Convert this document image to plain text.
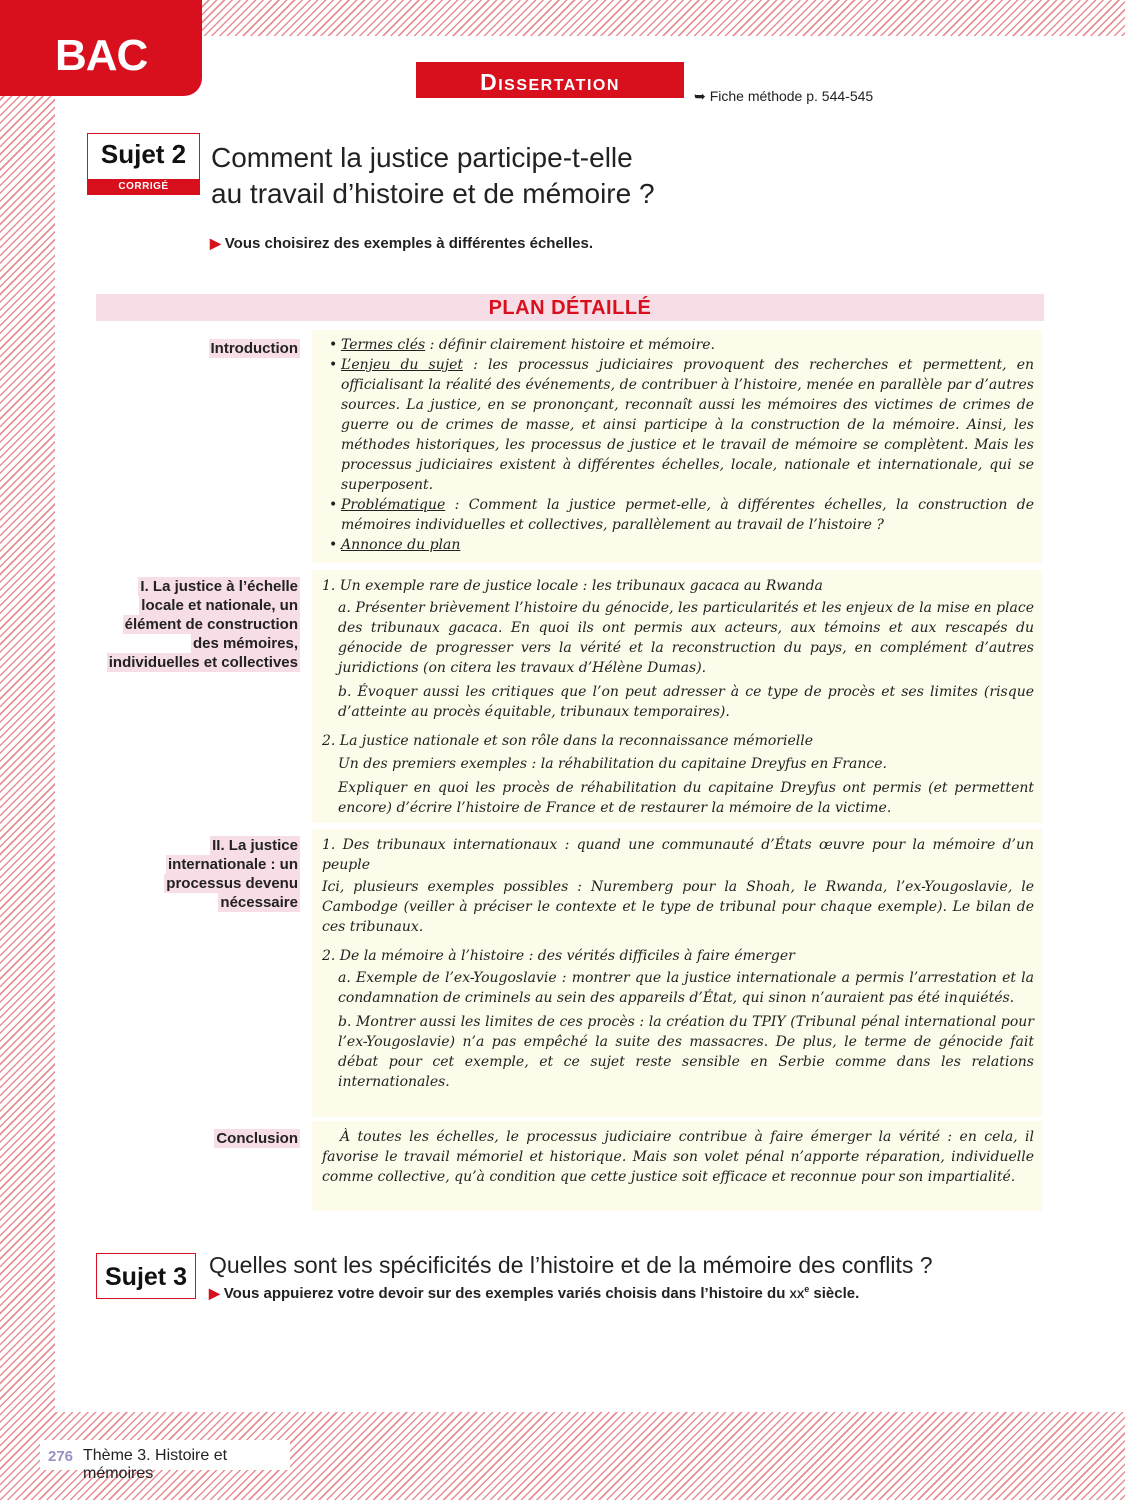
BAC
Dissertation
➥ Fiche méthode p. 544-545
Sujet 2
CORRIGÉ
Comment la justice participe-t-elle
au travail d’histoire et de mémoire ?
▶ Vous choisirez des exemples à différentes échelles.
PLAN DÉTAILLÉ
Introduction • Termes clés : définir clairement histoire et mémoire.

• L’enjeu du sujet : les processus judiciaires provoquent des recherches et permettent, en officialisant la réalité des événements, de contribuer à l’histoire, menée en parallèle par d’autres sources. La justice, en se prononçant, reconnaît aussi les mémoires des victimes de crimes de guerre ou de crimes de masse, et ainsi participe à la construction de la mémoire. Ainsi, les méthodes historiques, les processus de justice et le travail de mémoire se complètent. Mais les processus judiciaires existent à différentes échelles, locale, nationale et internationale, qui se superposent.

• Problématique : Comment la justice permet-elle, à différentes échelles, la construction de mémoires individuelles et collectives, parallèlement au travail de l’histoire ?

• Annonce du plan

I. La justice à l’échelle locale et nationale, un élément de construction des mémoires, individuelles et collectives

1. Un exemple rare de justice locale : les tribunaux gacaca au Rwanda

a. Présenter brièvement l’histoire du génocide, les particularités et les enjeux de la mise en place des tribunaux gacaca. En quoi ils ont permis aux acteurs, aux témoins et aux rescapés du génocide de progresser vers la vérité et la reconstruction du pays, en complément d’autres juridictions (on citera les travaux d’Hélène Dumas).

b. Évoquer aussi les critiques que l’on peut adresser à ce type de procès et ses limites (risque d’atteinte au procès équitable, tribunaux temporaires).

2. La justice nationale et son rôle dans la reconnaissance mémorielle

Un des premiers exemples : la réhabilitation du capitaine Dreyfus en France.

Expliquer en quoi les procès de réhabilitation du capitaine Dreyfus ont permis (et permettent encore) d’écrire l’histoire de France et de restaurer la mémoire de la victime.

II. La justice internationale : un processus devenu nécessaire

1. Des tribunaux internationaux : quand une communauté d’États œuvre pour la mémoire d’un peuple

Ici, plusieurs exemples possibles : Nuremberg pour la Shoah, le Rwanda, l’ex-Yougoslavie, le Cambodge (veiller à préciser le contexte et le type de tribunal pour chaque exemple). Le bilan de ces tribunaux.

2. De la mémoire à l’histoire : des vérités difficiles à faire émerger

a. Exemple de l’ex-Yougoslavie : montrer que la justice internationale a permis l’arrestation et la condamnation de criminels au sein des appareils d’État, qui sinon n’auraient pas été inquiétés.

b. Montrer aussi les limites de ces procès : la création du TPIY (Tribunal pénal international pour l’ex-Yougoslavie) n’a pas empêché la suite des massacres. De plus, le terme de génocide fait débat pour cet exemple, et ce sujet reste sensible en Serbie comme dans les relations internationales.

Conclusion	À toutes les échelles, le processus judiciaire contribue à faire émerger la vérité : en cela, il favorise le travail mémoriel et historique. Mais son volet pénal n’apporte réparation, individuelle comme collective, qu’à condition que cette justice soit efficace et reconnue pour son impartialité.

Sujet 3 Quelles sont les spécificités de l’histoire et de la mémoire des conflits ?
▶ Vous appuierez votre devoir sur des exemples variés choisis dans l’histoire du $xx^e$ siècle.
276 Thème 3. Histoire et mémoires
